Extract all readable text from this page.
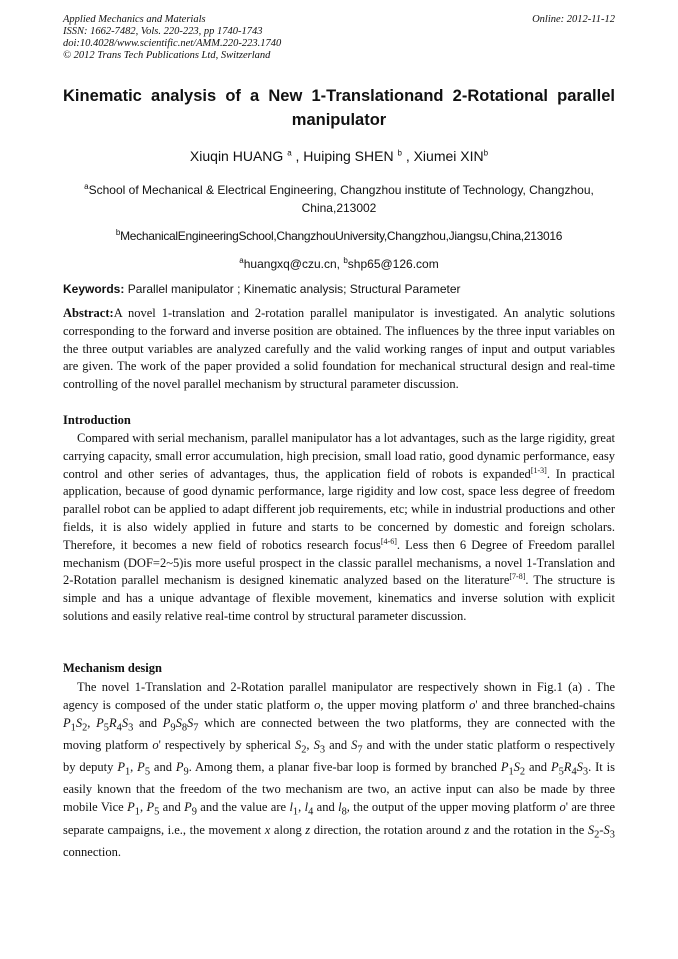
Applied Mechanics and Materials
ISSN: 1662-7482, Vols. 220-223, pp 1740-1743
doi:10.4028/www.scientific.net/AMM.220-223.1740
© 2012 Trans Tech Publications Ltd, Switzerland
Online: 2012-11-12
Kinematic analysis of a New 1-Translationand 2-Rotational parallel
manipulator
Xiuqin HUANG $^a$ , Huiping SHEN $^b$ , Xiumei XIN$^b$
$^a$School of Mechanical & Electrical Engineering, Changzhou institute of Technology, Changzhou, China,213002
$^b$MechanicalEngineeringSchool,ChangzhouUniversity,Changzhou,Jiangsu,China,213016
$^a$huangxq@czu.cn, $^b$shp65@126.com
Keywords: Parallel manipulator ; Kinematic analysis; Structural Parameter
Abstract:A novel 1-translation and 2-rotation parallel manipulator is investigated. An analytic solutions corresponding to the forward and inverse position are obtained. The influences by the three input variables on the three output variables are analyzed carefully and the valid working ranges of input and output variables are given. The work of the paper provided a solid foundation for mechanical structural design and real-time controlling of the novel parallel mechanism by structural parameter discussion.
Introduction
Compared with serial mechanism, parallel manipulator has a lot advantages, such as the large rigidity, great carrying capacity, small error accumulation, high precision, small load ratio, good dynamic performance, easy control and other series of advantages, thus, the application field of robots is expanded[1-3]. In practical application, because of good dynamic performance, large rigidity and low cost, space less degree of freedom parallel robot can be applied to adapt different job requirements, etc; while in industrial productions and other fields, it is also widely applied in future and starts to be concerned by domestic and foreign scholars. Therefore, it becomes a new field of robotics research focus[4-6]. Less then 6 Degree of Freedom parallel mechanism (DOF=2~5)is more useful prospect in the classic parallel mechanisms, a novel 1-Translation and 2-Rotation parallel mechanism is designed kinematic analyzed based on the literature[7-8]. The structure is simple and has a unique advantage of flexible movement, kinematics and inverse solution with explicit solutions and easily relative real-time control by structural parameter discussion.
Mechanism design
The novel 1-Translation and 2-Rotation parallel manipulator are respectively shown in Fig.1 (a) . The agency is composed of the under static platform o, the upper moving platform o' and three branched-chains $P_1S_2$, $P_5R_4S_3$ and $P_9S_8S_7$ which are connected between the two platforms, they are connected with the moving platform o' respectively by spherical $S_2$, $S_3$ and $S_7$ and with the under static platform o respectively by deputy $P_1$, $P_5$ and $P_9$. Among them, a planar five-bar loop is formed by branched $P_1S_2$ and $P_5R_4S_3$. It is easily known that the freedom of the two mechanism are two, an active input can also be made by three mobile Vice $P_1$, $P_5$ and $P_9$ and the value are $l_1$, $l_4$ and $l_8$, the output of the upper moving platform o' are three separate campaigns, i.e., the movement x along z direction, the rotation around z and the rotation in the $S_2-S_3$ connection.
